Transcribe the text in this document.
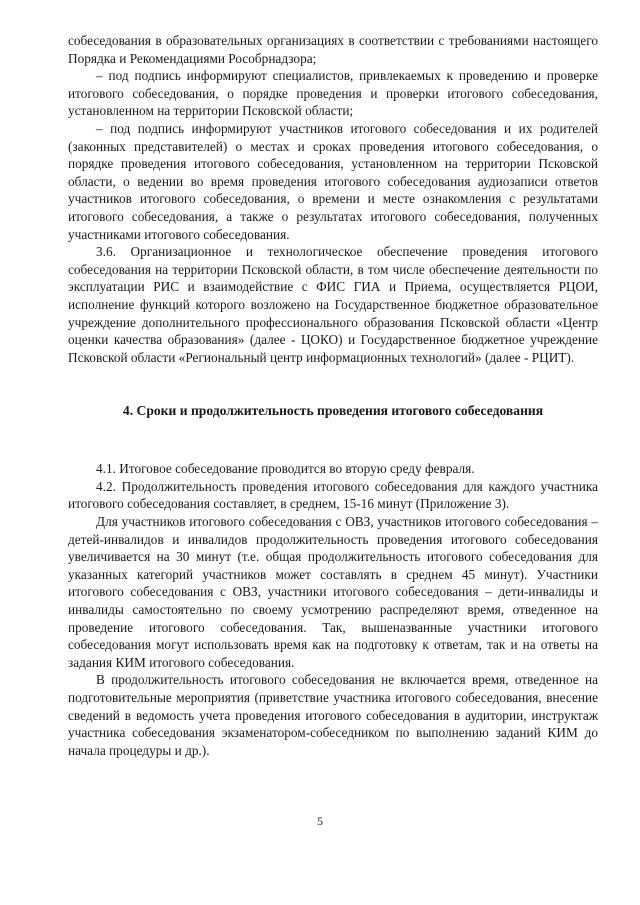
собеседования в образовательных организациях в соответствии с требованиями настоящего Порядка и Рекомендациями Рособрнадзора;

– под подпись информируют специалистов, привлекаемых к проведению и проверке итогового собеседования, о порядке проведения и проверки итогового собеседования, установленном на территории Псковской области;

– под подпись информируют участников итогового собеседования и их родителей (законных представителей) о местах и сроках проведения итогового собеседования, о порядке проведения итогового собеседования, установленном на территории Псковской области, о ведении во время проведения итогового собеседования аудиозаписи ответов участников итогового собеседования, о времени и месте ознакомления с результатами итогового собеседования, а также о результатах итогового собеседования, полученных участниками итогового собеседования.

3.6. Организационное и технологическое обеспечение проведения итогового собеседования на территории Псковской области, в том числе обеспечение деятельности по эксплуатации РИС и взаимодействие с ФИС ГИА и Приема, осуществляется РЦОИ, исполнение функций которого возложено на Государственное бюджетное образовательное учреждение дополнительного профессионального образования Псковской области «Центр оценки качества образования» (далее - ЦОКО) и Государственное бюджетное учреждение Псковской области «Региональный центр информационных технологий» (далее - РЦИТ).

4. Сроки и продолжительность проведения итогового собеседования

4.1. Итоговое собеседование проводится во вторую среду февраля.

4.2. Продолжительность проведения итогового собеседования для каждого участника итогового собеседования составляет, в среднем, 15-16 минут (Приложение 3).

Для участников итогового собеседования с ОВЗ, участников итогового собеседования – детей-инвалидов и инвалидов продолжительность проведения итогового собеседования увеличивается на 30 минут (т.е. общая продолжительность итогового собеседования для указанных категорий участников может составлять в среднем 45 минут). Участники итогового собеседования с ОВЗ, участники итогового собеседования – дети-инвалиды и инвалиды самостоятельно по своему усмотрению распределяют время, отведенное на проведение итогового собеседования. Так, вышеназванные участники итогового собеседования могут использовать время как на подготовку к ответам, так и на ответы на задания КИМ итогового собеседования.

В продолжительность итогового собеседования не включается время, отведенное на подготовительные мероприятия (приветствие участника итогового собеседования, внесение сведений в ведомость учета проведения итогового собеседования в аудитории, инструктаж участника собеседования экзаменатором-собеседником по выполнению заданий КИМ до начала процедуры и др.).

5
